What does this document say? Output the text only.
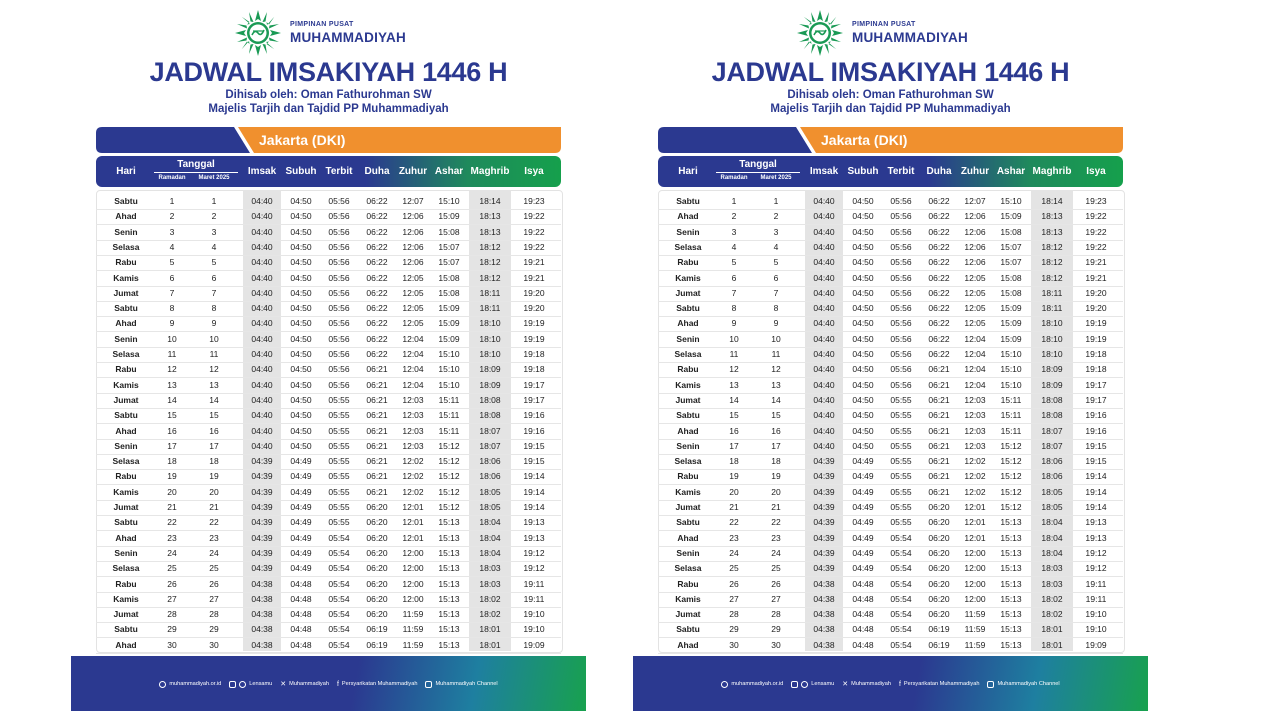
PIMPINAN PUSAT
MUHAMMADIYAH
JADWAL IMSAKIYAH 1446 H
Dihisab oleh: Oman Fathurohman SW
Majelis Tarjih dan Tajdid PP Muhammadiyah
Jakarta (DKI)
Hari
Tanggal
Ramadan	Maret 2025
Imsak Subuh Terbit	Duha Zuhur Ashar Maghrib	Isya
Sabtu	1	1	04:40	04:50	05:56	06:22	12:07	15:10	18:14	19:23
Ahad	2	2	04:40	04:50	05:56	06:22	12:06	15:09	18:13	19:22
Senin	3	3	04:40	04:50	05:56	06:22	12:06	15:08	18:13	19:22
Selasa	4	4	04:40	04:50	05:56	06:22	12:06	15:07	18:12	19:22
Rabu	5	5	04:40	04:50	05:56	06:22	12:06	15:07	18:12	19:21
Kamis	6	6	04:40	04:50	05:56	06:22	12:05	15:08	18:12	19:21
Jumat	7	7	04:40	04:50	05:56	06:22	12:05	15:08	18:11	19:20
Sabtu	8	8	04:40	04:50	05:56	06:22	12:05	15:09	18:11	19:20
Ahad	9	9	04:40	04:50	05:56	06:22	12:05	15:09	18:10	19:19
Senin	10	10	04:40	04:50	05:56	06:22	12:04	15:09	18:10	19:19
Selasa	11	11	04:40	04:50	05:56	06:22	12:04	15:10	18:10	19:18
Rabu	12	12	04:40	04:50	05:56	06:21	12:04	15:10	18:09	19:18
Kamis	13	13	04:40	04:50	05:56	06:21	12:04	15:10	18:09	19:17
Jumat	14	14	04:40	04:50	05:55	06:21	12:03	15:11	18:08	19:17
Sabtu	15	15	04:40	04:50	05:55	06:21	12:03	15:11	18:08	19:16
Ahad	16	16	04:40	04:50	05:55	06:21	12:03	15:11	18:07	19:16
Senin	17	17	04:40	04:50	05:55	06:21	12:03	15:12	18:07	19:15
Selasa	18	18	04:39	04:49	05:55	06:21	12:02	15:12	18:06	19:15
Rabu	19	19	04:39	04:49	05:55	06:21	12:02	15:12	18:06	19:14
Kamis	20	20	04:39	04:49	05:55	06:21	12:02	15:12	18:05	19:14
Jumat	21	21	04:39	04:49	05:55	06:20	12:01	15:12	18:05	19:14
Sabtu	22	22	04:39	04:49	05:55	06:20	12:01	15:13	18:04	19:13
Ahad	23	23	04:39	04:49	05:54	06:20	12:01	15:13	18:04	19:13
Senin	24	24	04:39	04:49	05:54	06:20	12:00	15:13	18:04	19:12
Selasa	25	25	04:39	04:49	05:54	06:20	12:00	15:13	18:03	19:12
Rabu	26	26	04:38	04:48	05:54	06:20	12:00	15:13	18:03	19:11
Kamis	27	27	04:38	04:48	05:54	06:20	12:00	15:13	18:02	19:11
Jumat	28	28	04:38	04:48	05:54	06:20	11:59	15:13	18:02	19:10
Sabtu	29	29	04:38	04:48	05:54	06:19	11:59	15:13	18:01	19:10
Ahad	30	30	04:38	04:48	05:54	06:19	11:59	15:13	18:01	19:09
muhammadiyah.or.id	Lensamu ✕ Muhammadiyah f Persyarikatan Muhammadiyah	Muhammadiyah Channel
PIMPINAN PUSAT
MUHAMMADIYAH
JADWAL IMSAKIYAH 1446 H
Dihisab oleh: Oman Fathurohman SW
Majelis Tarjih dan Tajdid PP Muhammadiyah
Jakarta (DKI)
Hari
Tanggal
Ramadan	Maret 2025
Imsak Subuh Terbit	Duha Zuhur Ashar Maghrib	Isya
Sabtu	1	1	04:40	04:50	05:56	06:22	12:07	15:10	18:14	19:23
Ahad	2	2	04:40	04:50	05:56	06:22	12:06	15:09	18:13	19:22
Senin	3	3	04:40	04:50	05:56	06:22	12:06	15:08	18:13	19:22
Selasa	4	4	04:40	04:50	05:56	06:22	12:06	15:07	18:12	19:22
Rabu	5	5	04:40	04:50	05:56	06:22	12:06	15:07	18:12	19:21
Kamis	6	6	04:40	04:50	05:56	06:22	12:05	15:08	18:12	19:21
Jumat	7	7	04:40	04:50	05:56	06:22	12:05	15:08	18:11	19:20
Sabtu	8	8	04:40	04:50	05:56	06:22	12:05	15:09	18:11	19:20
Ahad	9	9	04:40	04:50	05:56	06:22	12:05	15:09	18:10	19:19
Senin	10	10	04:40	04:50	05:56	06:22	12:04	15:09	18:10	19:19
Selasa	11	11	04:40	04:50	05:56	06:22	12:04	15:10	18:10	19:18
Rabu	12	12	04:40	04:50	05:56	06:21	12:04	15:10	18:09	19:18
Kamis	13	13	04:40	04:50	05:56	06:21	12:04	15:10	18:09	19:17
Jumat	14	14	04:40	04:50	05:55	06:21	12:03	15:11	18:08	19:17
Sabtu	15	15	04:40	04:50	05:55	06:21	12:03	15:11	18:08	19:16
Ahad	16	16	04:40	04:50	05:55	06:21	12:03	15:11	18:07	19:16
Senin	17	17	04:40	04:50	05:55	06:21	12:03	15:12	18:07	19:15
Selasa	18	18	04:39	04:49	05:55	06:21	12:02	15:12	18:06	19:15
Rabu	19	19	04:39	04:49	05:55	06:21	12:02	15:12	18:06	19:14
Kamis	20	20	04:39	04:49	05:55	06:21	12:02	15:12	18:05	19:14
Jumat	21	21	04:39	04:49	05:55	06:20	12:01	15:12	18:05	19:14
Sabtu	22	22	04:39	04:49	05:55	06:20	12:01	15:13	18:04	19:13
Ahad	23	23	04:39	04:49	05:54	06:20	12:01	15:13	18:04	19:13
Senin	24	24	04:39	04:49	05:54	06:20	12:00	15:13	18:04	19:12
Selasa	25	25	04:39	04:49	05:54	06:20	12:00	15:13	18:03	19:12
Rabu	26	26	04:38	04:48	05:54	06:20	12:00	15:13	18:03	19:11
Kamis	27	27	04:38	04:48	05:54	06:20	12:00	15:13	18:02	19:11
Jumat	28	28	04:38	04:48	05:54	06:20	11:59	15:13	18:02	19:10
Sabtu	29	29	04:38	04:48	05:54	06:19	11:59	15:13	18:01	19:10
Ahad	30	30	04:38	04:48	05:54	06:19	11:59	15:13	18:01	19:09
muhammadiyah.or.id	Lensamu ✕ Muhammadiyah f Persyarikatan Muhammadiyah	Muhammadiyah Channel
